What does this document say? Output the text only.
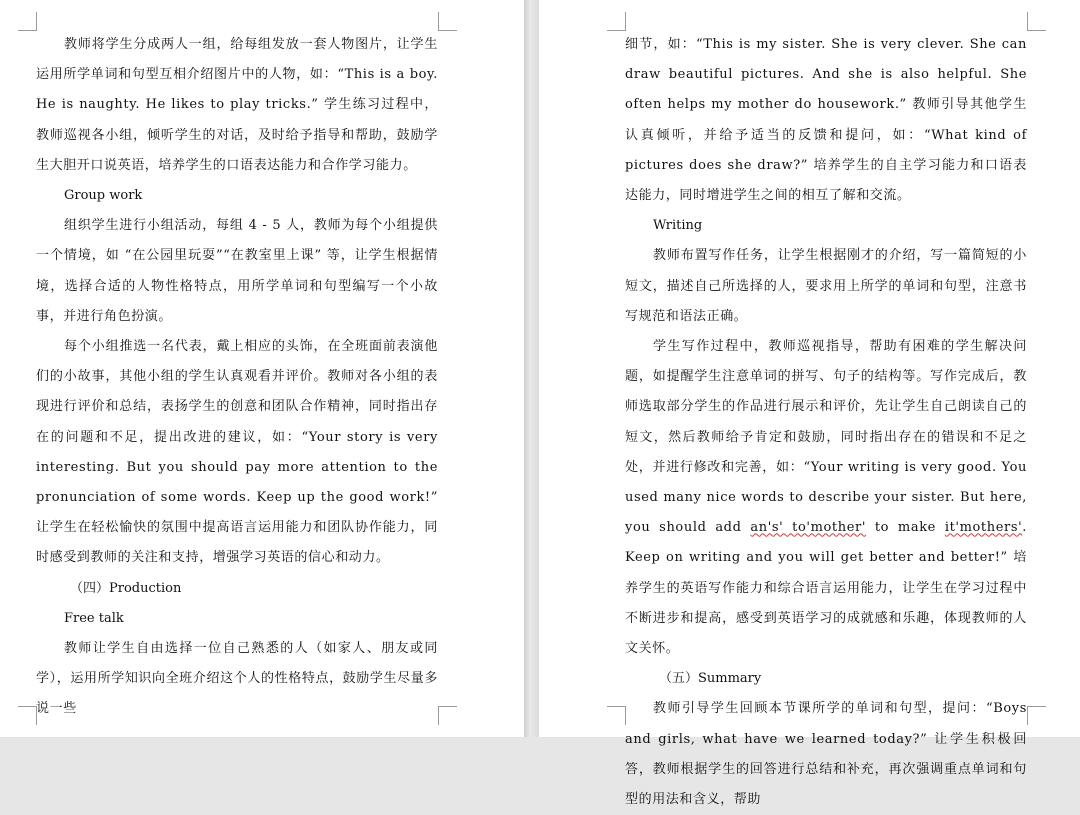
教师将学生分成两人一组，给每组发放一套人物图片，让学生运用所学单词和句型互相介绍图片中的人物，如：“This is a boy. He is naughty. He likes to play tricks.” 学生练习过程中，教师巡视各小组，倾听学生的对话，及时给予指导和帮助，鼓励学生大胆开口说英语，培养学生的口语表达能力和合作学习能力。

Group work

组织学生进行小组活动，每组 4 - 5 人，教师为每个小组提供一个情境，如 “在公园里玩耍”“在教室里上课” 等，让学生根据情境，选择合适的人物性格特点，用所学单词和句型编写一个小故事，并进行角色扮演。

每个小组推选一名代表，戴上相应的头饰，在全班面前表演他们的小故事，其他小组的学生认真观看并评价。教师对各小组的表现进行评价和总结，表扬学生的创意和团队合作精神，同时指出存在的问题和不足，提出改进的建议，如：“Your story is very interesting. But you should pay more attention to the pronunciation of some words. Keep up the good work!” 让学生在轻松愉快的氛围中提高语言运用能力和团队协作能力，同时感受到教师的关注和支持，增强学习英语的信心和动力。

（四）Production

Free talk

教师让学生自由选择一位自己熟悉的人（如家人、朋友或同学），运用所学知识向全班介绍这个人的性格特点，鼓励学生尽量多说一些

细节，如：“This is my sister. She is very clever. She can draw beautiful pictures. And she is also helpful. She often helps my mother do housework.” 教师引导其他学生认真倾听，并给予适当的反馈和提问，如：“What kind of pictures does she draw?” 培养学生的自主学习能力和口语表达能力，同时增进学生之间的相互了解和交流。

Writing

教师布置写作任务，让学生根据刚才的介绍，写一篇简短的小短文，描述自己所选择的人，要求用上所学的单词和句型，注意书写规范和语法正确。

学生写作过程中，教师巡视指导，帮助有困难的学生解决问题，如提醒学生注意单词的拼写、句子的结构等。写作完成后，教师选取部分学生的作品进行展示和评价，先让学生自己朗读自己的短文，然后教师给予肯定和鼓励，同时指出存在的错误和不足之处，并进行修改和完善，如：“Your writing is very good. You used many nice words to describe your sister. But here, you should add an's' to'mother' to make it'mothers'. Keep on writing and you will get better and better!” 培养学生的英语写作能力和综合语言运用能力，让学生在学习过程中不断进步和提高，感受到英语学习的成就感和乐趣，体现教师的人文关怀。

（五）Summary

教师引导学生回顾本节课所学的单词和句型，提问：“Boys and girls, what have we learned today?” 让学生积极回答，教师根据学生的回答进行总结和补充，再次强调重点单词和句型的用法和含义，帮助
